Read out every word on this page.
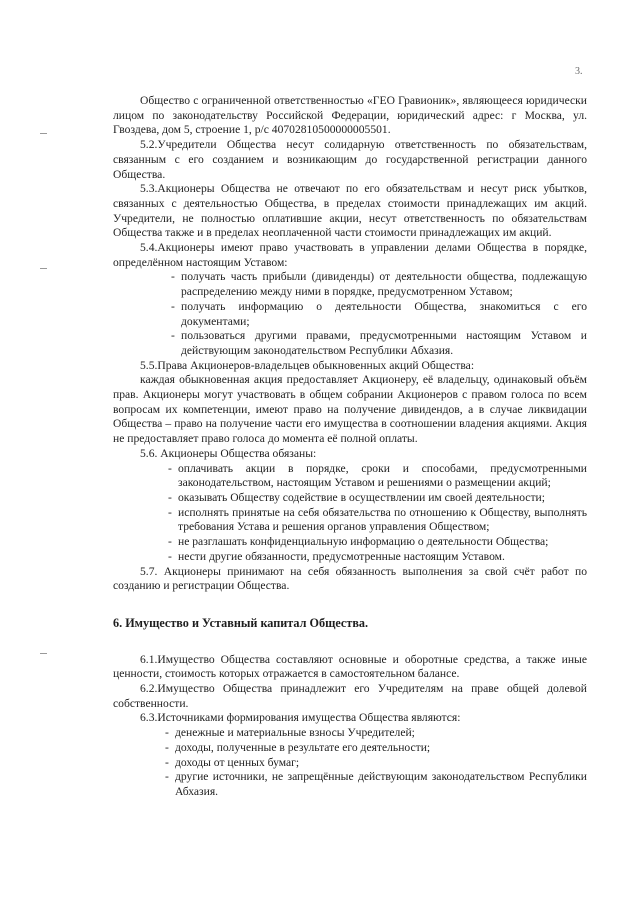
3.

Общество с ограниченной ответственностью «ГЕО Гравионик», являющееся юридически лицом по законодательству Российской Федерации, юридический адрес: г Москва, ул. Гвоздева, дом 5, строение 1, р/с 40702810500000005501.

5.2.Учредители Общества несут солидарную ответственность по обязательствам, связанным с его созданием и возникающим до государственной регистрации данного Общества.

5.3.Акционеры Общества не отвечают по его обязательствам и несут риск убытков, связанных с деятельностью Общества, в пределах стоимости принадлежащих им акций. Учредители, не полностью оплатившие акции, несут ответственность по обязательствам Общества также и в пределах неоплаченной части стоимости принадлежащих им акций.

5.4.Акционеры имеют право участвовать в управлении делами Общества в порядке, определённом настоящим Уставом:

- получать часть прибыли (дивиденды) от деятельности общества, подлежащую распределению между ними в порядке, предусмотренном Уставом;
- получать информацию о деятельности Общества, знакомиться с его документами;
- пользоваться другими правами, предусмотренными настоящим Уставом и действующим законодательством Республики Абхазия.

5.5.Права Акционеров-владельцев обыкновенных акций Общества:

каждая обыкновенная акция предоставляет Акционеру, её владельцу, одинаковый объём прав. Акционеры могут участвовать в общем собрании Акционеров с правом голоса по всем вопросам их компетенции, имеют право на получение дивидендов, а в случае ликвидации Общества – право на получение части его имущества в соотношении владения акциями. Акция не предоставляет право голоса до момента её полной оплаты.

5.6. Акционеры Общества обязаны:

- оплачивать акции в порядке, сроки и способами, предусмотренными законодательством, настоящим Уставом и решениями о размещении акций;
- оказывать Обществу содействие в осуществлении им своей деятельности;
- исполнять принятые на себя обязательства по отношению к Обществу, выполнять требования Устава и решения органов управления Обществом;
- не разглашать конфиденциальную информацию о деятельности Общества;
- нести другие обязанности, предусмотренные настоящим Уставом.

5.7. Акционеры принимают на себя обязанность выполнения за свой счёт работ по созданию и регистрации Общества.

6. Имущество и Уставный капитал Общества.

6.1.Имущество Общества составляют основные и оборотные средства, а также иные ценности, стоимость которых отражается в самостоятельном балансе.

6.2.Имущество Общества принадлежит его Учредителям на праве общей долевой собственности.

6.3.Источниками формирования имущества Общества являются:

- денежные и материальные взносы Учредителей;
- доходы, полученные в результате его деятельности;
- доходы от ценных бумаг;
- другие источники, не запрещённые действующим законодательством Республики Абхазия.
